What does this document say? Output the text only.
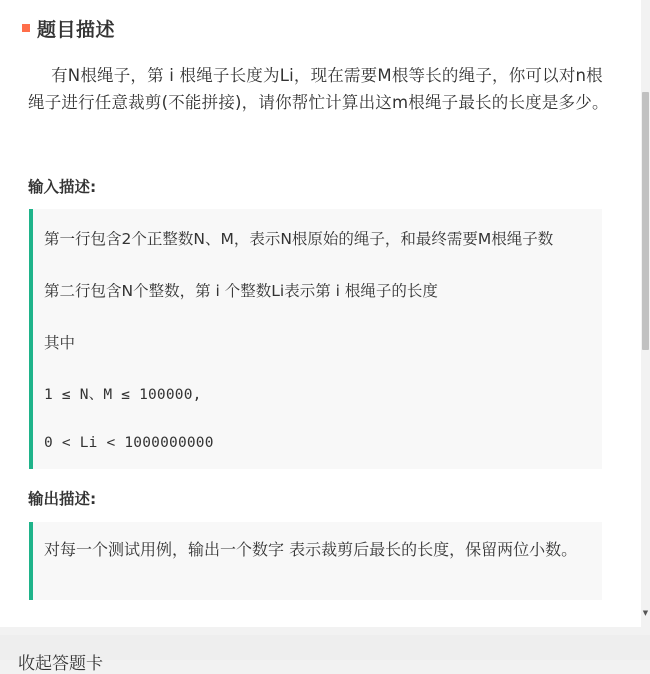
题目描述
有N根绳子，第 i 根绳子长度为Li，现在需要M根等长的绳子，你可以对n根绳子进行任意裁剪(不能拼接)，请你帮忙计算出这m根绳子最长的长度是多少。
输入描述:
第一行包含2个正整数N、M，表示N根原始的绳子，和最终需要M根绳子数
第二行包含N个整数，第 i 个整数Li表示第 i 根绳子的长度
其中
1 ≤ N、M ≤ 100000,
0 < Li < 1000000000
输出描述:
对每一个测试用例，输出一个数字 表示裁剪后最长的长度，保留两位小数。
▼
收起答题卡
